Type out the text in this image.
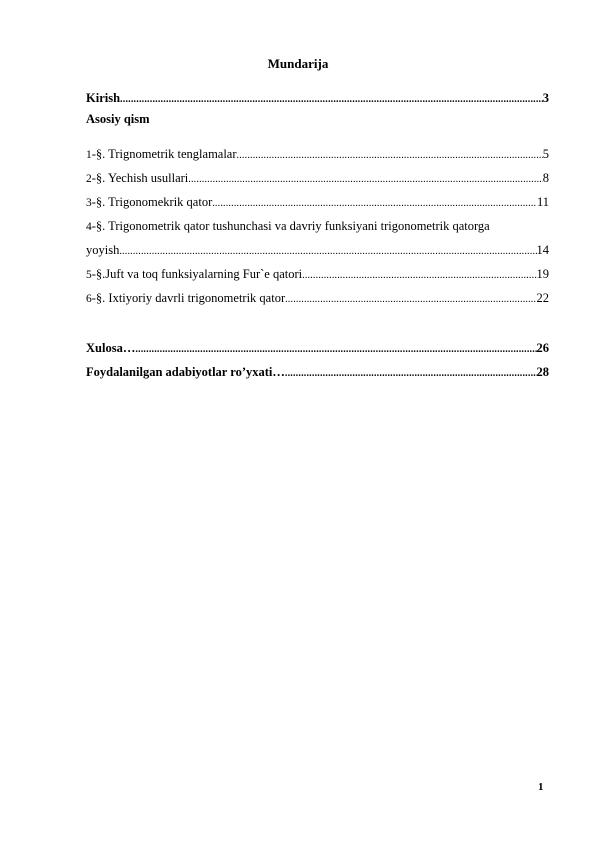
Mundarija
Kirish .....	3
Asosiy qism
1-§. Trignometrik tenglamalar .....	5
2-§. Yechish usullari .....	8
3-§. Trigonomekrik qator .....	11
4-§. Trigonometrik qator tushunchasi va davriy funksiyani trigonometrik qatorga
yoyish .....	14
5-§.Juft va toq funksiyalarning Fur`e qatori .....	19
6-§. Ixtiyoriy davrli trigonometrik qator .....	22
Xulosa… .....	26
Foydalanilgan adabiyotlar ro’yxati… .....	28
1
